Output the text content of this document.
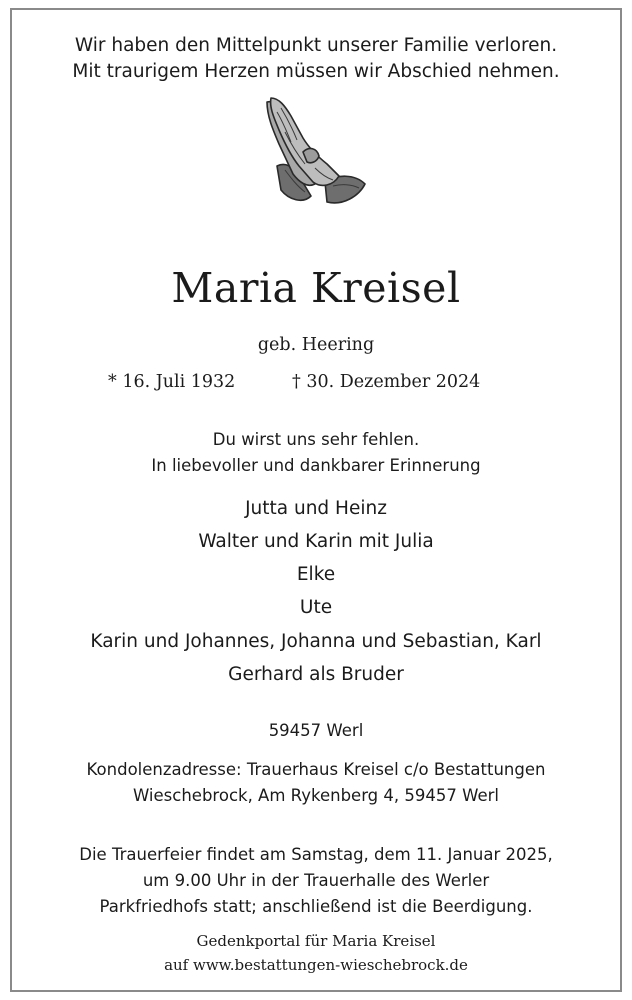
Wir haben den Mittelpunkt unserer Familie verloren.

Mit traurigem Herzen müssen wir Abschied nehmen.

Maria Kreisel

geb. Heering

* 16. Juli 1932	† 30. Dezember 2024

Du wirst uns sehr fehlen.

In liebevoller und dankbarer Erinnerung

Jutta und Heinz

Walter und Karin mit Julia

Elke

Ute

Karin und Johannes, Johanna und Sebastian, Karl

Gerhard als Bruder

59457 Werl

Kondolenzadresse: Trauerhaus Kreisel c/o Bestattungen

Wieschebrock, Am Rykenberg 4, 59457 Werl

Die Trauerfeier findet am Samstag, dem 11. Januar 2025,

um 9.00 Uhr in der Trauerhalle des Werler

Parkfriedhofs statt; anschließend ist die Beerdigung.

Gedenkportal für Maria Kreisel

auf www.bestattungen-wieschebrock.de
